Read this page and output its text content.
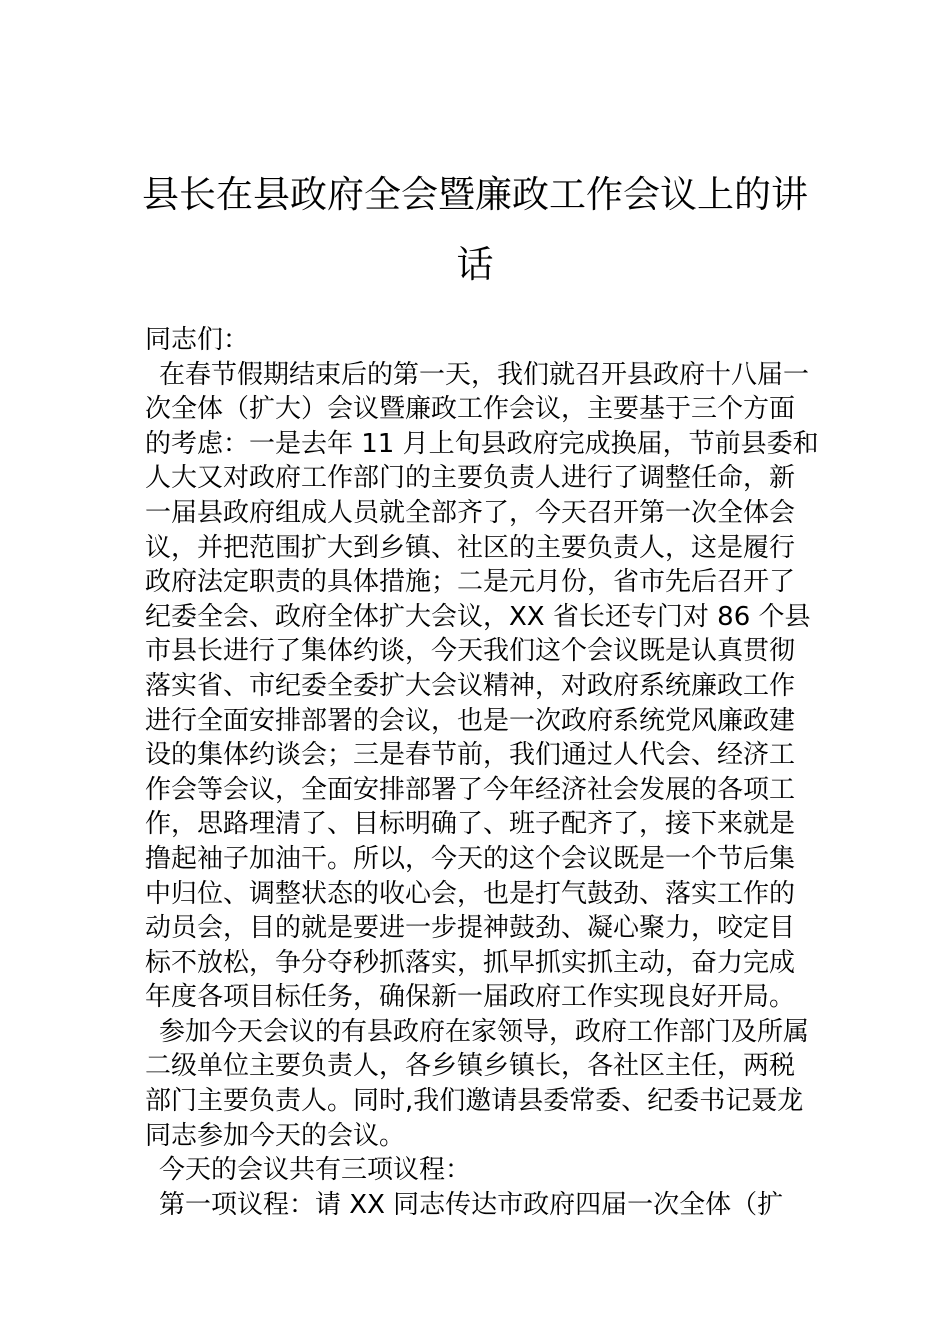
县长在县政府全会暨廉政工作会议上的讲
话
同志们：

在春节假期结束后的第一天，我们就召开县政府十八届一
次全体（扩大）会议暨廉政工作会议，主要基于三个方面
的考虑：一是去年 11 月上旬县政府完成换届，节前县委和
人大又对政府工作部门的主要负责人进行了调整任命，新
一届县政府组成人员就全部齐了，今天召开第一次全体会
议，并把范围扩大到乡镇、社区的主要负责人，这是履行
政府法定职责的具体措施；二是元月份，省市先后召开了
纪委全会、政府全体扩大会议，XX 省长还专门对 86 个县
市县长进行了集体约谈，今天我们这个会议既是认真贯彻
落实省、市纪委全委扩大会议精神，对政府系统廉政工作
进行全面安排部署的会议，也是一次政府系统党风廉政建
设的集体约谈会；三是春节前，我们通过人代会、经济工
作会等会议，全面安排部署了今年经济社会发展的各项工
作，思路理清了、目标明确了、班子配齐了，接下来就是
撸起袖子加油干。所以，今天的这个会议既是一个节后集
中归位、调整状态的收心会，也是打气鼓劲、落实工作的
动员会，目的就是要进一步提神鼓劲、凝心聚力，咬定目
标不放松，争分夺秒抓落实，抓早抓实抓主动，奋力完成
年度各项目标任务，确保新一届政府工作实现良好开局。

参加今天会议的有县政府在家领导，政府工作部门及所属
二级单位主要负责人，各乡镇乡镇长，各社区主任，两税
部门主要负责人。同时,我们邀请县委常委、纪委书记聂龙
同志参加今天的会议。

今天的会议共有三项议程：

第一项议程：请 XX 同志传达市政府四届一次全体（扩
